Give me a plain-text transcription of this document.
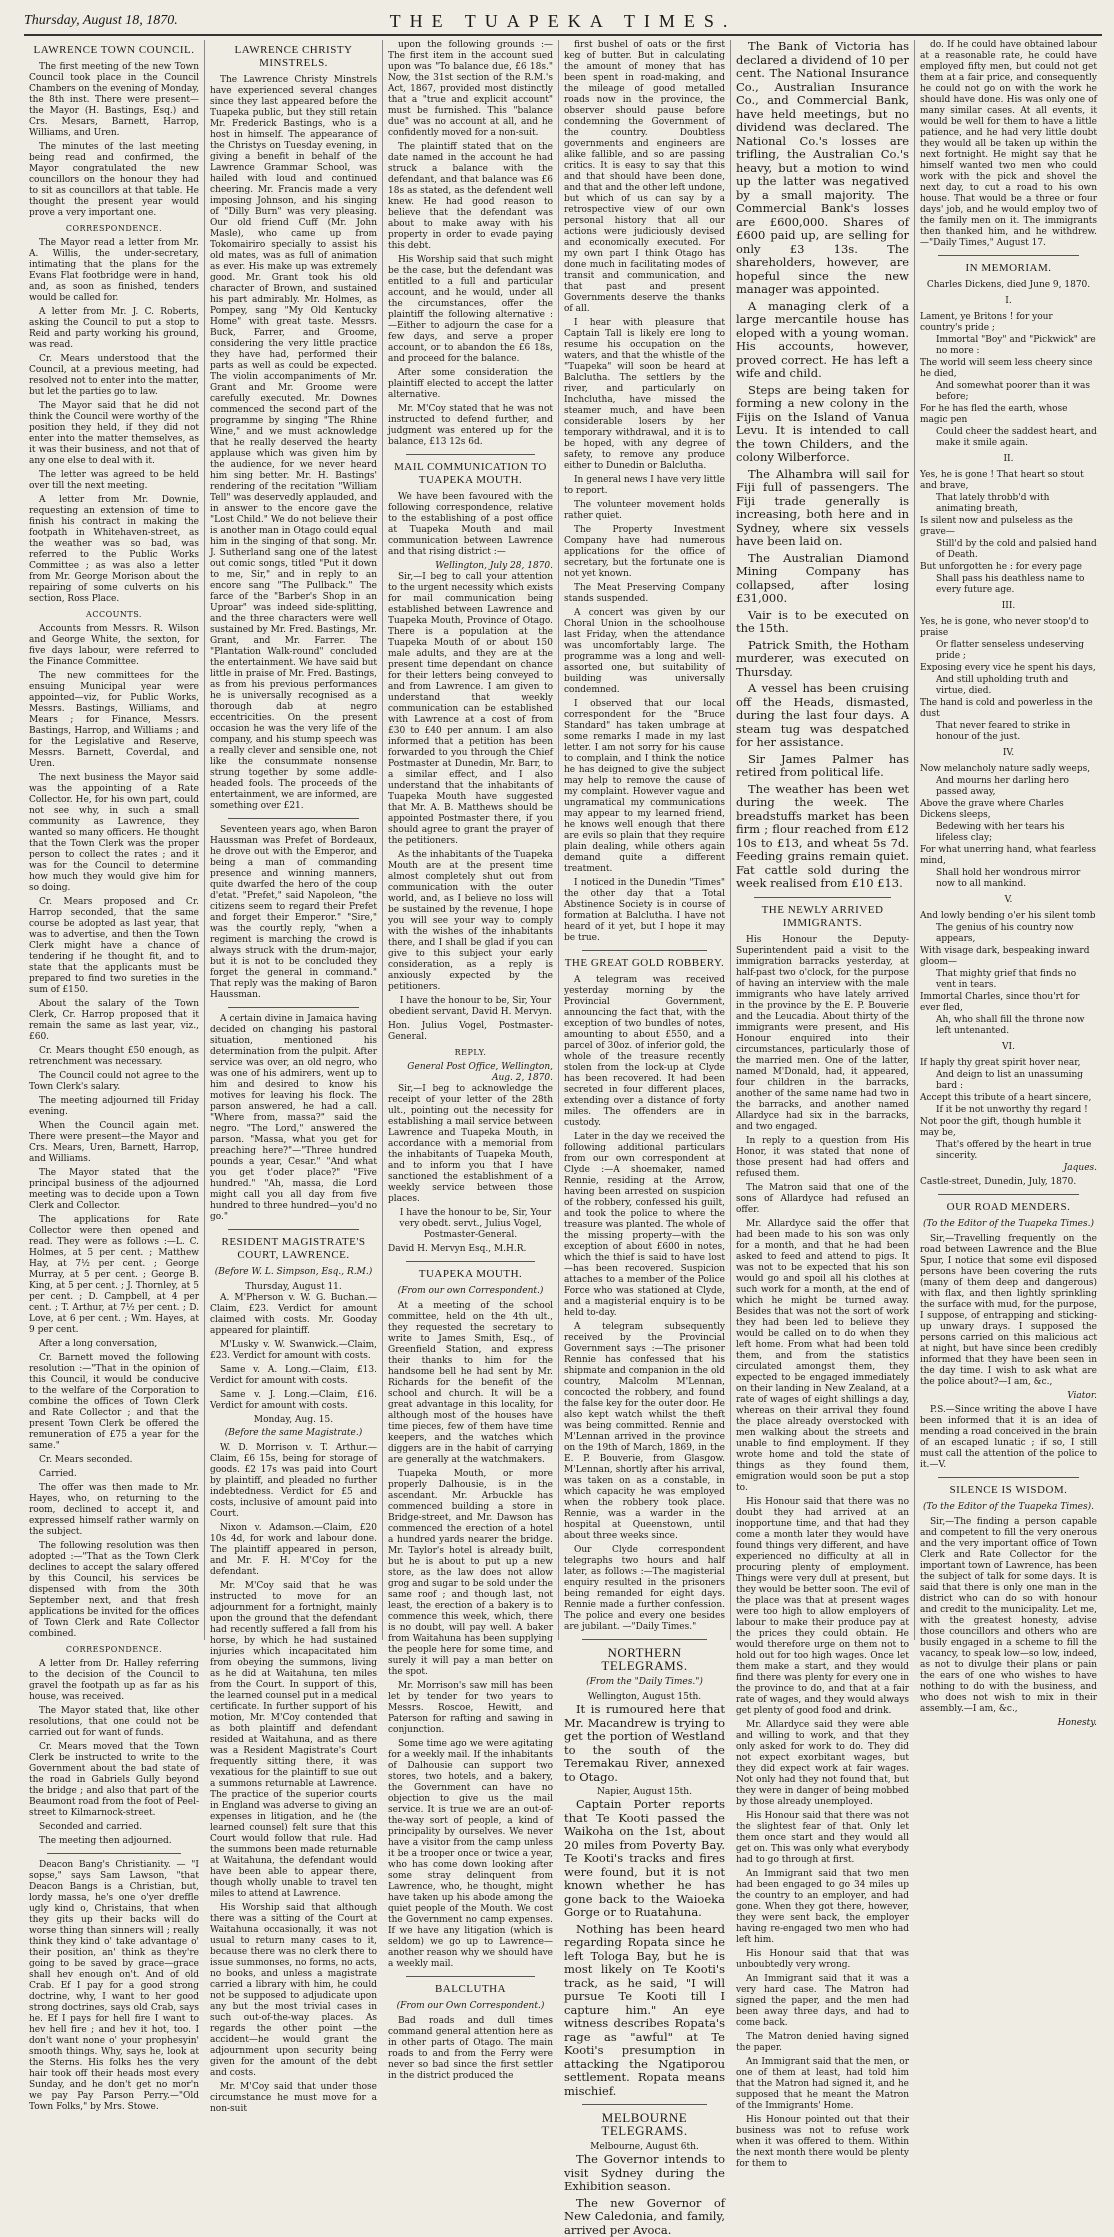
Thursday, August 18, 1870.	THE TUAPEKA TIMES.
LAWRENCE TOWN COUNCIL.

The first meeting of the new Town Council took place in the Council Chambers on the evening of Monday, the 8th inst. There were present—the Mayor (H. Bastings, Esq.) and Crs. Mesars, Barnett, Harrop, Williams, and Uren.

The minutes of the last meeting being read and confirmed, the Mayor congratulated the new councillors on the honour they had to sit as councillors at that table. He thought the present year would prove a very important one.

CORRESPONDENCE.

The Mayor read a letter from Mr. A. Willis, the under-secretary, intimating that the plans for the Evans Flat footbridge were in hand, and, as soon as finished, tenders would be called for.

A letter from Mr. J. C. Roberts, asking the Council to put a stop to Reid and party working his ground, was read.

Cr. Mears understood that the Council, at a previous meeting, had resolved not to enter into the matter, but let the parties go to law.

The Mayor said that he did not think the Council were worthy of the position they held, if they did not enter into the matter themselves, as it was their business, and not that of any one else to deal with it.

The letter was agreed to be held over till the next meeting.

A letter from Mr. Downie, requesting an extension of time to finish his contract in making the footpath in Whitehaven-street, as the weather was so bad, was referred to the Public Works Committee ; as was also a letter from Mr. George Morison about the repairing of some culverts on his section, Ross Place.

ACCOUNTS.

Accounts from Messrs. R. Wilson and George White, the sexton, for five days labour, were referred to the Finance Committee.

The new committees for the ensuing Municipal year were appointed—viz, for Public Works, Messrs. Bastings, Williams, and Mears ; for Finance, Messrs. Bastings, Harrop, and Williams ; and for the Legislative and Reserve, Messrs. Barnett, Coverdal, and Uren.

The next business the Mayor said was the appointing of a Rate Collector. He, for his own part, could not see why, in such a small community as Lawrence, they wanted so many officers. He thought that the Town Clerk was the proper person to collect the rates ; and it was for the Council to determine how much they would give him for so doing.

Cr. Mears proposed and Cr. Harrop seconded, that the same course be adopted as last year, that was to advertise, and then the Town Clerk might have a chance of tendering if he thought fit, and to state that the applicants must be prepared to find two sureties in the sum of £150.

About the salary of the Town Clerk, Cr. Harrop proposed that it remain the same as last year, viz., £60.

Cr. Mears thought £50 enough, as retrenchment was necessary.

The Council could not agree to the Town Clerk's salary.

The meeting adjourned till Friday evening.

When the Council again met. There were present—the Mayor and Crs. Mears, Uren, Barnett, Harrop, and Williams.

The Mayor stated that the principal business of the adjourned meeting was to decide upon a Town Clerk and Collector.

The applications for Rate Collector were then opened and read. They were as follows :—L. C. Holmes, at 5 per cent. ; Matthew Hay, at 7½ per cent. ; George Murray, at 5 per cent. ; George B. King, at 5 per cent. ; J. Thornley, at 5 per cent. ; D. Campbell, at 4 per cent. ; T. Arthur, at 7½ per cent. ; D. Love, at 6 per cent. ; Wm. Hayes, at 9 per cent.

After a long conversation,

Cr. Barnett moved the following resolution :—"That in the opinion of this Council, it would be conducive to the welfare of the Corporation to combine the offices of Town Clerk and Rate Collector ; and that the present Town Clerk be offered the remuneration of £75 a year for the same."

Cr. Mears seconded.

Carried.

The offer was then made to Mr. Hayes, who, on returning to the room, declined to accept it, and expressed himself rather warmly on the subject.

The following resolution was then adopted :—"That as the Town Clerk declines to accept the salary offered by this Council, his services be dispensed with from the 30th September next, and that fresh applications be invited for the offices of Town Clerk and Rate Collector combined.

CORRESPONDENCE.

A letter from Dr. Halley referring to the decision of the Council to gravel the footpath up as far as his house, was received.

The Mayor stated that, like other resolutions, that one could not be carried out for want of funds.

Cr. Mears moved that the Town Clerk be instructed to write to the Government about the bad state of the road in Gabriels Gully beyond the bridge ; and also that part of the Beaumont road from the foot of Peel-street to Kilmarnock-street.

Seconded and carried.

The meeting then adjourned.

Deacon Bang's Christianity. — "I sopse," says Sam Lawson, "that Deacon Bangs is a Christian, but, lordy massa, he's one o'yer dreffle ugly kind o, Christains, that when they gits up their backs will do worse thing than sinners will ; really think they kind o' take advantage o' their position, an' think as they're going to be saved by grace—grace shall hev enough on't. And of old Crab. Ef I pay for a good strong doctrine, why, I want to her good strong doctrines, says old Crab, says he. Ef I pays for hell fire I want to hev hell fire ; and hev it hot, too. I don't want none o' your prophesyin' smooth things. Why, says he, look at the Sterns. His folks hes the very hair took off their heads most every Sunday, and he don't get no mor'n we pay Pay Parson Perry.—"Old Town Folks," by Mrs. Stowe.

LAWRENCE CHRISTY MINSTRELS.

The Lawrence Christy Minstrels have experienced several changes since they last appeared before the Tuapeka public, but they still retain Mr. Frederick Bastings, who is a host in himself. The appearance of the Christys on Tuesday evening, in giving a benefit in behalf of the Lawrence Grammar School, was hailed with loud and continued cheering. Mr. Francis made a very imposing Johnson, and his singing of "Dilly Burn" was very pleasing. Our old friend Cuff (Mr. John Masle), who came up from Tokomairiro specially to assist his old mates, was as full of animation as ever. His make up was extremely good. Mr. Grant took his old character of Brown, and sustained his part admirably. Mr. Holmes, as Pompey, sang "My Old Kentucky Home" with great taste. Messrs. Buck, Farrer, and Groome, considering the very little practice they have had, performed their parts as well as could be expected. The violin accompaniments of Mr. Grant and Mr. Groome were carefully executed. Mr. Downes commenced the second part of the programme by singing "The Rhine Wine," and we must acknowledge that he really deserved the hearty applause which was given him by the audience, for we never heard him sing better. Mr. H. Bastings' rendering of the recitation "William Tell" was deservedly applauded, and in answer to the encore gave the "Lost Child." We do not believe their is another man in Otago could equal him in the singing of that song. Mr. J. Sutherland sang one of the latest out comic songs, titled "Put it down to me, Sir," and in reply to an encore sang "The Pullback." The farce of the "Barber's Shop in an Uproar" was indeed side-splitting, and the three characters were well sustained by Mr. Fred. Bastings, Mr. Grant, and Mr. Farrer. The "Plantation Walk-round" concluded the entertainment. We have said but little in praise of Mr. Fred. Bastings, as from his previous performances he is universally recognised as a thorough dab at negro eccentricities. On the present occasion he was the very life of the company, and his stump speech was a really clever and sensible one, not like the consummate nonsense strung together by some addle-headed fools. The proceeds of the entertainment, we are informed, are something over £21.

Seventeen years ago, when Baron Haussman was Prefet of Bordeaux, he drove out with the Emperor, and being a man of commanding presence and winning manners, quite dwarfed the hero of the coup d'etat. "Prefet," said Napoleon, "the citizens seem to regard their Prefet and forget their Emperor." "Sire," was the courtly reply, "when a regiment is marching the crowd is always struck with the drum-major, but it is not to be concluded they forget the general in command." That reply was the making of Baron Haussman.

A certain divine in Jamaica having decided on changing his pastoral situation, mentioned his determination from the pulpit. After service was over, an old negro, who was one of his admirers, went up to him and desired to know his motives for leaving his flock. The parson answered, he had a call. "Where from, massa?" said the negro. "The Lord," answered the parson. "Massa, what you get for preaching here?"—"Three hundred pounds a year, Cesar." "And what you get t'oder place?" "Five hundred." "Ah, massa, die Lord might call you all day from five hundred to three hundred—you'd no go."

RESIDENT MAGISTRATE'S COURT, LAWRENCE.
(Before W. L. Simpson, Esq., R.M.)
Thursday, August 11.

A. M'Pherson v. W. G. Buchan.—Claim, £23. Verdict for amount claimed with costs. Mr. Gooday appeared for plaintiff.

M'Lusky v. W. Swanwick.—Claim, £23. Verdict for amount with costs.

Same v. A. Long.—Claim, £13. Verdict for amount with costs.

Same v. J. Long.—Claim, £16. Verdict for amount with costs.

Monday, Aug. 15.
(Before the same Magistrate.)

W. D. Morrison v. T. Arthur.—Claim, £6 15s, being for storage of goods. £2 17s was paid into Court by plaintiff, and pleaded no further indebtedness. Verdict for £5 and costs, inclusive of amount paid into Court.

Nixon v. Adamson.—Claim, £20 10s 4d, for work and labour done. The plaintiff appeared in person, and Mr. F. H. M'Coy for the defendant.

Mr. M'Coy said that he was instructed to move for an adjournment for a fortnight, mainly upon the ground that the defendant had recently suffered a fall from his horse, by which he had sustained injuries which incapacitated him from obeying the summons, living as he did at Waitahuna, ten miles from the Court. In support of this, the learned counsel put in a medical certificate. In further support of his motion, Mr. M'Coy contended that as both plaintiff and defendant resided at Waitahuna, and as there was a Resident Magistrate's Court frequently sitting there, it was vexatious for the plaintiff to sue out a summons returnable at Lawrence. The practice of the superior courts in England was adverse to giving an expenses in litigation, and he (the learned counsel) felt sure that this Court would follow that rule. Had the summons been made returnable at Waitahuna, the defendant would have been able to appear there, though wholly unable to travel ten miles to attend at Lawrence.

His Worship said that although there was a sitting of the Court at Waitahuna occasionally, it was not usual to return many cases to it, because there was no clerk there to issue summonses, no forms, no acts, no books, and unless a magistrate carried a library with him, he could not be supposed to adjudicate upon any but the most trivial cases in such out-of-the-way places. As regards the other point —the accident—he would grant the adjournment upon security being given for the amount of the debt and costs.

Mr. M'Coy said that under those circumstance he must move for a non-suit

upon the following grounds :—The first item in the account sued upon was "To balance due, £6 18s." Now, the 31st section of the R.M.'s Act, 1867, provided most distinctly that a "true and explicit account" must be furnished. This "balance due" was no account at all, and he confidently moved for a non-suit.

The plaintiff stated that on the date named in the account he had struck a balance with the defendant, and that balance was £6 18s as stated, as the defendent well knew. He had good reason to believe that the defendant was about to make away with his property in order to evade paying this debt.

His Worship said that such might be the case, but the defendant was entitled to a full and particular account, and he would, under all the circumstances, offer the plaintiff the following alternative :—Either to adjourn the case for a few days, and serve a proper account, or to abandon the £6 18s, and proceed for the balance.

After some consideration the plaintiff elected to accept the latter alternative.

Mr. M'Coy stated that he was not instructed to defend further, and judgment was entered up for the balance, £13 12s 6d.

MAIL COMMUNICATION TO TUAPEKA MOUTH.

We have been favoured with the following correspondence, relative to the establishing of a post office at Tuapeka Mouth and mail communication between Lawrence and that rising district :—

Wellington, July 28, 1870.

Sir,—I beg to call your attention to the urgent necessity which exists for mail communication being established between Lawrence and Tuapeka Mouth, Province of Otago. There is a population at the Tuapeka Mouth of or about 150 male adults, and they are at the present time dependant on chance for their letters being conveyed to and from Lawrence. I am given to understand that weekly communication can be established with Lawrence at a cost of from £30 to £40 per annum. I am also informed that a petition has been forwarded to you through the Chief Postmaster at Dunedin, Mr. Barr, to a similar effect, and I also understand that the inhabitants of Tuapeka Mouth have suggested that Mr. A. B. Matthews should be appointed Postmaster there, if you should agree to grant the prayer of the petitioners.

As the inhabitants of the Tuapeka Mouth are at the present time almost completely shut out from communication with the outer world, and, as I believe no loss will be sustained by the revenue, I hope you will see your way to comply with the wishes of the inhabitants there, and I shall be glad if you can give to this subject your early consideration, as a reply is anxiously expected by the petitioners.

I have the honour to be, Sir, Your obedient servant, David H. Mervyn.

Hon. Julius Vogel, Postmaster-General.

REPLY.
General Post Office, Wellington, Aug. 2, 1870.

Sir,—I beg to acknowledge the receipt of your letter of the 28th ult., pointing out the necessity for establishing a mail service between Lawrence and Tuapeka Mouth, in accordance with a memorial from the inhabitants of Tuapeka Mouth, and to inform you that I have sanctioned the establishment of a weekly service between those places.

I have the honour to be, Sir, Your very obedt. servt., Julius Vogel, Postmaster-General.

David H. Mervyn Esq., M.H.R.

TUAPEKA MOUTH.
(From our own Correspondent.)

At a meeting of the school committee, held on the 4th ult., they requested the secretary to write to James Smith, Esq., of Greenfield Station, and express their thanks to him for the handsome bell he had sent by Mr. Richards for the benefit of the school and church. It will be a great advantage in this locality, for although most of the houses have time pieces, few of them have time keepers, and the watches which diggers are in the habit of carrying are generally at the watchmakers.

Tuapeka Mouth, or more properly Dalhousie, is in the ascendant. Mr. Arbuckle has commenced building a store in Bridge-street, and Mr. Dawson has commenced the erection of a hotel a hundred yards nearer the bridge. Mr. Taylor's hotel is already built, but he is about to put up a new store, as the law does not allow grog and sugar to be sold under the same roof ; and though last, not least, the erection of a bakery is to commence this week, which, there is no doubt, will pay well. A baker from Waitahuna has been supplying the people here for some time, and surely it will pay a man better on the spot.

Mr. Morrison's saw mill has been let by tender for two years to Messrs. Roscoe, Hewitt, and Paterson for rafting and sawing in conjunction.

Some time ago we were agitating for a weekly mail. If the inhabitants of Dalhousie can support two stores, two hotels, and a bakery, the Government can have no objection to give us the mail service. It is true we are an out-of-the-way sort of people, a kind of principality by ourselves. We never have a visitor from the camp unless it be a trooper once or twice a year, who has come down looking after some stray delinquent from Lawrence, who, he thought, might have taken up his abode among the quiet people of the Mouth. We cost the Government no camp expenses. If we have any litigation (which is seldom) we go up to Lawrence—another reason why we should have a weekly mail.

BALCLUTHA
(From our Own Correspondent.)

Bad roads and dull times command general attention here as in other parts of Otago. The main roads to and from the Ferry were never so bad since the first settler in the district produced the

first bushel of oats or the first keg of butter. But in calculating the amount of money that has been spent in road-making, and the mileage of good metalled roads now in the province, the observer should pause before condemning the Government of the country. Doubtless governments and engineers are alike fallible, and so are passing critics. It is easy to say that this and that should have been done, and that and the other left undone, but which of us can say by a retrospective view of our own personal history that all our actions were judiciously devised and economically executed. For my own part I think Otago has done much in facilitating modes of transit and communication, and that past and present Governments deserve the thanks of all.

I hear with pleasure that Captain Tall is likely ere long to resume his occupation on the waters, and that the whistle of the "Tuapeka" will soon be heard at Balclutha. The settlers by the river, and particularly on Inchclutha, have missed the steamer much, and have been considerable losers by her temporary withdrawal, and it is to be hoped, with any degree of safety, to remove any produce either to Dunedin or Balclutha.

In general news I have very little to report.

The volunteer movement holds rather quiet.

The Property Investment Company have had numerous applications for the office of secretary, but the fortunate one is not yet known.

The Meat Preserving Company stands suspended.

A concert was given by our Choral Union in the schoolhouse last Friday, when the attendance was uncomfortably large. The programme was a long and well-assorted one, but suitability of building was universally condemned.

I observed that our local correspondent for the "Bruce Standard" has taken umbrage at some remarks I made in my last letter. I am not sorry for his cause to complain, and I think the notice he has deigned to give the subject may help to remove the cause of my complaint. However vague and ungramatical my communications may appear to my learned friend, he knows well enough that there are evils so plain that they require plain dealing, while others again demand quite a different treatment.

I noticed in the Dunedin "Times" the other day that a Total Abstinence Society is in course of formation at Balclutha. I have not heard of it yet, but I hope it may be true.

THE GREAT GOLD ROBBERY.

A telegram was received yesterday morning by the Provincial Government, announcing the fact that, with the exception of two bundles of notes, amounting to about £550, and a parcel of 30oz. of inferior gold, the whole of the treasure recently stolen from the lock-up at Clyde has been recovered. It had been secreted in four different places, extending over a distance of forty miles. The offenders are in custody.

Later in the day we received the following additional particulars from our own correspondent at Clyde :—A shoemaker, named Rennie, residing at the Arrow, having been arrested on suspicion of the robbery, confessed his guilt, and took the police to where the treasure was planted. The whole of the missing property—with the exception of about £600 in notes, which the thief is said to have lost—has been recovered. Suspicion attaches to a member of the Police Force who was stationed at Clyde, and a magisterial enquiry is to be held to-day.

A telegram subsequently received by the Provincial Government says :—The prisoner Rennie has confessed that his shipmate and companion in the old country, Malcolm M'Lennan, concocted the robbery, and found the false key for the outer door. He also kept watch whilst the theft was being committed. Rennie and M'Lennan arrived in the province on the 19th of March, 1869, in the E. P. Bouverie, from Glasgow. M'Lennan, shortly after his arrival, was taken on as a constable, in which capacity he was employed when the robbery took place. Rennie, was a warder in the hospital at Queenstown, until about three weeks since.

Our Clyde correspondent telegraphs two hours and half later, as follows :—The magisterial enquiry resulted in the prisoners being remanded for eight days. Rennie made a further confession. The police and every one besides are jubilant. —"Daily Times."

NORTHERN TELEGRAMS.
(From the "Daily Times.")
Wellington, August 15th.

It is rumoured here that Mr. Macandrew is trying to get the portion of Westland to the south of the Teremakau River, annexed to Otago.

Napier, August 15th.

Captain Porter reports that Te Kooti passed the Waikoha on the 1st, about 20 miles from Poverty Bay. Te Kooti's tracks and fires were found, but it is not known whether he has gone back to the Waioeka Gorge or to Ruatahuna.

Nothing has been heard regarding Ropata since he left Tologa Bay, but he is most likely on Te Kooti's track, as he said, "I will pursue Te Kooti till I capture him." An eye witness describes Ropata's rage as "awful" at Te Kooti's presumption in attacking the Ngatiporou settlement. Ropata means mischief.

MELBOURNE TELEGRAMS.
Melbourne, August 6th.

The Governor intends to visit Sydney during the Exhibition season.

The new Governor of New Caledonia, and family, arrived per Avoca.

The Bank of Victoria has declared a dividend of 10 per cent. The National Insurance Co., Australian Insurance Co., and Commercial Bank, have held meetings, but no dividend was declared. The National Co.'s losses are trifling, the Australian Co.'s heavy, but a motion to wind up the latter was negatived by a small majority. The Commercial Bank's losses are £600,000. Shares of £600 paid up, are selling for only £3 13s. The shareholders, however, are hopeful since the new manager was appointed.

A managing clerk of a large mercantile house has eloped with a young woman. His accounts, however, proved correct. He has left a wife and child.

Steps are being taken for forming a new colony in the Fijis on the Island of Vanua Levu. It is intended to call the town Childers, and the colony Wilberforce.

The Alhambra will sail for Fiji full of passengers. The Fiji trade generally is increasing, both here and in Sydney, where six vessels have been laid on.

The Australian Diamond Mining Company has collapsed, after losing £31,000.

Vair is to be executed on the 15th.

Patrick Smith, the Hotham murderer, was executed on Thursday.

A vessel has been cruising off the Heads, dismasted, during the last four days. A steam tug was despatched for her assistance.

Sir James Palmer has retired from political life.

The weather has been wet during the week. The breadstuffs market has been firm ; flour reached from £12 10s to £13, and wheat 5s 7d. Feeding grains remain quiet. Fat cattle sold during the week realised from £10 £13.

THE NEWLY ARRIVED IMMIGRANTS.

His Honour the Deputy-Superintendent paid a visit to the immigration barracks yesterday, at half-past two o'clock, for the purpose of having an interview with the male immigrants who have lately arrived in the province by the E. P. Bouverie and the Leucadia. About thirty of the immigrants were present, and His Honour enquired into their circumstances, particularly those of the married men. One of the latter, named M'Donald, had, it appeared, four children in the barracks, another of the same name had two in the barracks, and another named Allardyce had six in the barracks, and two engaged.

In reply to a question from His Honor, it was stated that none of those present had had offers and refused them.

The Matron said that one of the sons of Allardyce had refused an offer.

Mr. Allardyce said the offer that had been made to his son was only for a month, and that he had been asked to feed and attend to pigs. It was not to be expected that his son would go and spoil all his clothes at such work for a month, at the end of which he might be turned away. Besides that was not the sort of work they had been led to believe they would be called on to do when they left home. From what had been told them, and from the statistics circulated amongst them, they expected to be engaged immediately on their landing in New Zealand, at a rate of wages of eight shillings a day, whereas on their arrival they found the place already overstocked with men walking about the streets and unable to find employment. If they wrote home and told the state of things as they found them, emigration would soon be put a stop to.

His Honour said that there was no doubt they had arrived at an inopportune time, and that had they come a month later they would have found things very different, and have experienced no difficulty at all in procuring plenty of employment. Things were very dull at present, but they would be better soon. The evil of the place was that at present wages were too high to allow employers of labour to make their produce pay at the prices they could obtain. He would therefore urge on them not to hold out for too high wages. Once let them make a start, and they would find there was plenty for every one in the province to do, and that at a fair rate of wages, and they would always get plenty of good food and drink.

Mr. Allardyce said they were able and willing to work, and that they only asked for work to do. They did not expect exorbitant wages, but they did expect work at fair wages. Not only had they not found that, but they were in danger of being mobbed by those already unemployed.

His Honour said that there was not the slightest fear of that. Only let them once start and they would all get on. This was only what everybody had to go through at first.

An Immigrant said that two men had been engaged to go 34 miles up the country to an employer, and had gone. When they got there, however, they were sent back, the employer having re-engaged two men who had left him.

His Honour said that that was unboubtedly very wrong.

An Immigrant said that it was a very hard case. The Matron had signed the paper, and the men had been away three days, and had to come back.

The Matron denied having signed the paper.

An Immigrant said that the men, or one of them at least, had told him that the Matron had signed it, and he supposed that he meant the Matron of the Immigrants' Home.

His Honour pointed out that their business was not to refuse work when it was offered to them. Within the next month there would be plenty for them to

do. If he could have obtained labour at a reasonable rate, he could have employed fifty men, but could not get them at a fair price, and consequently he could not go on with the work he should have done. His was only one of many similar cases. At all events, it would be well for them to have a little patience, and he had very little doubt they would all be taken up within the next fortnight. He might say that he himself wanted two men who could work with the pick and shovel the next day, to cut a road to his own house. That would be a three or four days' job, and he would employ two of the family men on it. The immigrants then thanked him, and he withdrew.—"Daily Times," August 17.

IN MEMORIAM.
Charles Dickens, died June 9, 1870.

I.

Lament, ye Britons ! for your country's pride ;

Immortal "Boy" and "Pickwick" are no more :

The world will seem less cheery since he died,

And somewhat poorer than it was before;

For he has fled the earth, whose magic pen

Could cheer the saddest heart, and make it smile again.

II.

Yes, he is gone ! That heart so stout and brave,

That lately throbb'd with animating breath,

Is silent now and pulseless as the grave—

Still'd by the cold and palsied hand of Death.

But unforgotten he : for every page

Shall pass his deathless name to every future age.

III.

Yes, he is gone, who never stoop'd to praise

Or flatter senseless undeserving pride ;

Exposing every vice he spent his days,

And still upholding truth and virtue, died.

The hand is cold and powerless in the dust

That never feared to strike in honour of the just.

IV.

Now melancholy nature sadly weeps,

And mourns her darling hero passed away,

Above the grave where Charles Dickens sleeps,

Bedewing with her tears his lifeless clay;

For what unerring hand, what fearless mind,

Shall hold her wondrous mirror now to all mankind.

V.

And lowly bending o'er his silent tomb

The genius of his country now appears,

With visage dark, bespeaking inward gloom—

That mighty grief that finds no vent in tears.

Immortal Charles, since thou'rt for ever fled,

Ah, who shall fill the throne now left untenanted.

VI.

If haply thy great spirit hover near,

And deign to list an unassuming bard :

Accept this tribute of a heart sincere,

If it be not unworthy thy regard !

Not poor the gift, though humble it may be,

That's offered by the heart in true sincerity.

Jaques.

Castle-street, Dunedin, July, 1870.

OUR ROAD MENDERS.
(To the Editor of the Tuapeka Times.)

Sir,—Travelling frequently on the road between Lawrence and the Blue Spur, I notice that some evil disposed persons have been covering the ruts (many of them deep and dangerous) with flax, and then lightly sprinkling the surface with mud, for the purpose, I suppose, of entrapping and sticking-up unwary drays. I supposed the persons carried on this malicious act at night, but have since been credibly informed that they have been seen in the day time. I wish to ask what are the police about?—I am, &c.,

Viator.

P.S.—Since writing the above I have been informed that it is an idea of mending a road conceived in the brain of an escaped lunatic ; if so, I still must call the attention of the police to it.—V.

SILENCE IS WISDOM.
(To the Editor of the Tuapeka Times).

Sir,—The finding a person capable and competent to fill the very onerous and the very important office of Town Clerk and Rate Collector for the important town of Lawrence, has been the subject of talk for some days. It is said that there is only one man in the district who can do so with honour and credit to the municipality. Let me, with the greatest honesty, advise those councillors and others who are busily engaged in a scheme to fill the vacancy, to speak low—so low, indeed, as not to divulge their plans or pain the ears of one who wishes to have nothing to do with the business, and who does not wish to mix in their assembly.—I am, &c.,

Honesty.
